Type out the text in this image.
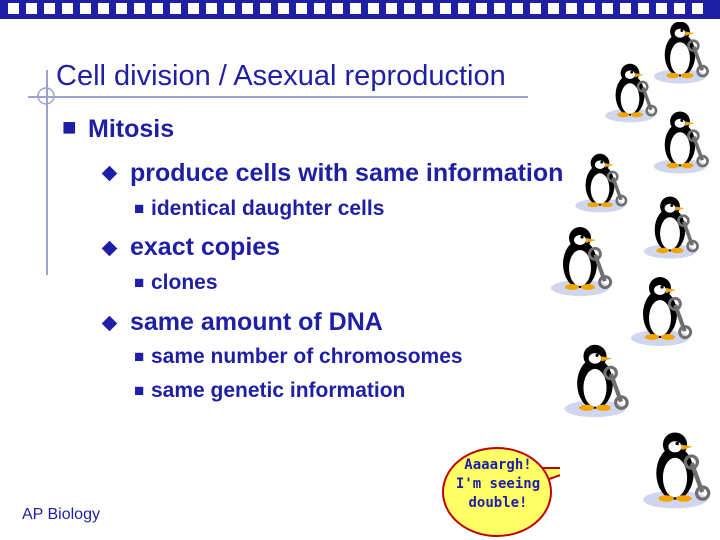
Cell division / Asexual reproduction
■ Mitosis
produce cells with same information
■ identical daughter cells
exact copies
■ clones
same amount of DNA
■ same number of chromosomes
■ same genetic information
AP Biology
Aaaargh!
I'm seeing
double!
